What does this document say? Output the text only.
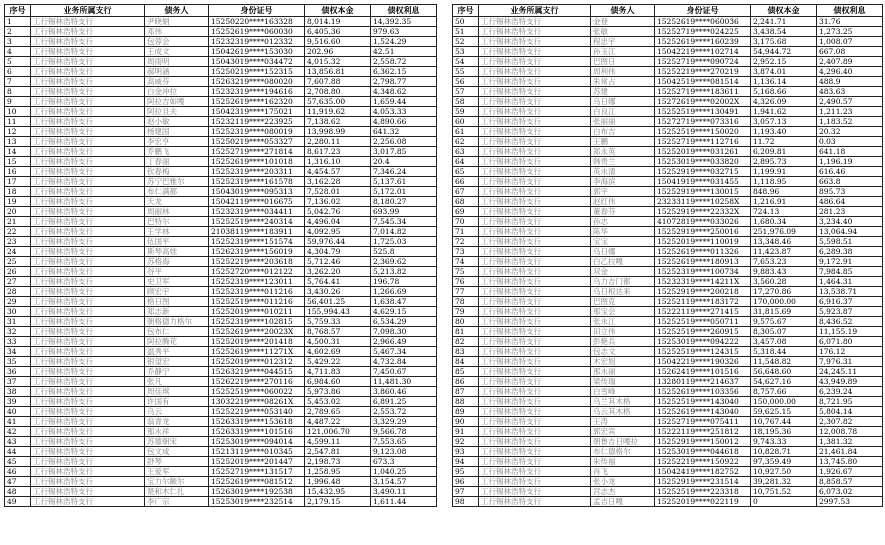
序号	业务所属支行	债务人	身份证号	债权本金	债权利息
1	工行锡林浩特支行	尹晓娟	15250220****163328	8,014.19	14,392.35
2	工行锡林浩特支行	邓伟	15252619****060030	6,405.36	979.63
3	工行锡林浩特支行	包蓉会	15232319****012332	9,516.60	1,524.29
4	工行锡林浩特支行	王成文	15042619****153030	202.96	42.51
5	工行锡林浩特支行	周雨明	15043019****034472	4,015.32	2,558.72
6	工行锡林浩特支行	郝明涵	15250219****152315	13,856.81	6,362.15
7	工行锡林浩特支行	高威芬	15263219****080020	7,607.88	2,798.77
8	工行锡林浩特支行	白金冲拉	15232319****194616	2,708.80	4,348.62
9	工行锡林浩特支行	阿拉吉如嘎	15252619****162320	57,635.00	1,659.44
10	工行锡林浩特支行	阿拉且夫	15042319****175021	11,919.62	4,053.33
11	工行锡林浩特支行	赵小敏	15232119****223925	7,138.62	4,890.66
12	工行锡林浩特支行	杨建国	15252319****080019	13,998.99	641.32
13	工行锡林浩特支行	李宏亨	15250219****053327	2,280.11	2,256.08
14	工行锡林浩特支行	乔鹏飞	15252719****271814	8,617.23	3,017.85
15	工行锡林浩特支行	丁春丽	15252619****101018	1,316.10	20.4
16	工行锡林浩特支行	钦春梅	15252319****203311	4,454.57	7,346.24
17	工行锡林浩特支行	苏宁巴雅尔	15252319****161578	3,162.28	5,137.61
18	工行锡林浩特支行	布仁满都	15043019****095313	7,528.01	5,172.01
19	工行锡林浩特支行	天龙	15042119****016675	7,136.02	8,180.27
20	工行锡林浩特支行	周丽林	15232319****034411	5,042.76	693.99
21	工行锡林浩特支行	巴特尔	15252519****240314	4,496.04	7,545.34
22	工行锡林浩特支行	王学林	21038119****183911	4,092.95	7,014.82
23	工行锡林浩特支行	伍国平	15252319****151574	59,976.44	1,725.03
24	工行锡林浩特支行	斯琴高娃	15262319****156019	4,304.79	525.8
25	工行锡林浩特支行	苏格海	15252219****203618	5,712.46	2,369.62
26	工行锡林浩特支行	谷平	15252720****012122	3,262.20	5,213.82
27	工行锡林浩特支行	史卫军	15252319****123011	5,764.41	196.78
28	工行锡林浩特支行	顾宏宇	15252319****011216	3,430.26	1,266.69
29	工行锡林浩特支行	格日图	15252519****011216	56,401.25	1,638.47
30	工行锡林浩特支行	郑志新	15252019****010211	155,994.43	4,629.15
31	工行锡林浩特支行	朝格德力格尔	15252319****102815	5,759.33	6,534.29
32	工行锡林浩特支行	包布仁	15252619****20023X	8,768.57	7,098.30
33	工行锡林浩特支行	阿拉腾花	15252019****201418	4,500.31	2,966.49
34	工行锡林浩特支行	温秀平	15252619****11271X	4,602.69	5,467.34
35	工行锡林浩特支行	银望宏	15252019****012312	5,429.22	4,732.84
36	工行锡林浩特支行	乔静宁	15263219****044515	4,711.83	7,450.67
37	工行锡林浩特支行	张凡	15262219****270116	6,984.60	11,481.30
38	工行锡林浩特支行	周佳琪	15252519****060022	5,973.86	3,860.46
39	工行锡林浩特支行	许国有	13032219****08261X	5,453.02	6,891.25
40	工行锡林浩特支行	乌云	15252219****053140	2,789.65	2,553.72
41	工行锡林浩特支行	翁青龙	15263319****153618	4,487.22	3,329.29
42	工行锡林浩特支行	那永祥	15263319****101516	121,006.70	9,566.78
43	工行锡林浩特支行	苏德朝宋	15253019****094014	4,599.11	7,553.65
44	工行锡林浩特支行	包文成	15213119****010345	2,547.81	9,123.08
45	工行锡林浩特支行	舒琴	15252019****201447	2,198.73	673.3
46	工行锡林浩特支行	王爱军	15252719****131517	1,258.95	1,040.25
47	工行锡林浩特支行	宝力尔额尔	15252619****081512	1,996.48	3,154.57
48	工行锡林浩特支行	楚和木仁扎	15263019****192538	15,432.95	3,490.11
49	工行锡林浩特支行	李广宗	15253019****232514	2,179.15	1,611.44
序号	业务所属支行	债务人	身份证号	债权本金	债权利息
50	工行锡林浩特支行	金登	15252619****060036	2,241.71	31.76
51	工行锡林浩特支行	张敏	15252719****024225	3,438.54	1,273.25
52	工行锡林浩特支行	程忠宇	15252619****160239	3,175.68	1,008.07
53	工行锡林浩特支行	孙玉江	15042219****102714	54,944.72	667.08
54	工行锡林浩特支行	巴图日	15252719****090724	2,952.15	2,407.89
55	工行锡林浩特支行	周利伟	15252219****270219	3,874.01	4,296.40
56	工行锡林浩特支行	朱常占	15042519****081514	1,136.14	488.9
57	工行锡林浩特支行	苏建	15252719****183611	5,168.66	483.63
58	工行锡林浩特支行	乌日娜	15272619****02002X	4,326.09	2,490.57
59	工行锡林浩特支行	白良江	15252519****130491	1,941.62	1,211.23
60	工行锡林浩特支行	张丽丽	15272719****073316	3,057.13	1,183.52
61	工行锡林浩特支行	白布吉	15252519****150020	1,193.40	20.32
62	工行锡林浩特支行	王鹏	15252719****112716	11.72	0.03
63	工行锡林浩特支行	郑永英	15252019****031261	6,209.81	641.18
64	工行锡林浩特支行	韩贵兰	15253019****033820	2,895.73	1,196.19
65	工行锡林浩特支行	英永清	15252919****032715	1,199.91	616.46
66	工行锡林浩特支行	李海滨	15041919****031455	1,118.95	663.8
67	工行锡林浩特支行	郭宇	15252919****130015	848.96	895.73
68	工行锡林浩特支行	赵红伟	23233119****10258X	1,216.91	486.64
69	工行锡林浩特支行	董春芬	15252919****22332X	724.13	281.23
70	工行锡林浩特支行	孙志	41072819****033026	1,680.34	3,234.40
71	工行锡林浩特支行	陈华	15252919****250016	251,976.09	13,064.94
72	工行锡林浩特支行	宝宝	15252019****110019	13,348.46	5,598.51
73	工行锡林浩特支行	乌日娜	15252619****011326	11,423.87	6,289.38
74	工行锡林浩特支行	白乙拉嘎	15252619****180913	7,653.23	9,172.91
75	工行锡林浩特支行	双金	15252319****100734	9,883.43	7,984.85
76	工行锡林浩特支行	乌力吉门都	15232319****14211X	3,560.28	1,464.31
77	工行锡林浩特支行	乌日根达来	15252919****200218	17,270.86	13,538.71
78	工行锡林浩特支行	巴图克	15252119****183172	170,000.00	6,916.37
79	工行锡林浩特支行	那宝会	15222119****271415	31,815.69	5,923.87
80	工行锡林浩特支行	张永江	15252519****050711	9,575.67	8,436.52
81	工行锡林浩特支行	田立伟	15252519****260915	8,305.07	11,155.19
82	工行锡林浩特支行	彭艳兵	15253019****094222	3,457.08	6,071.80
83	工行锡林浩特支行	包志文	15252519****124315	5,318.44	176.12
84	工行锡林浩特支行	木宏旭	15042219****190326	11,548.82	7,976.31
85	工行锡林浩特支行	那永丽	15262419****101516	56,648.60	24,245.11
86	工行锡林浩特支行	梁传瑞	13280119****214637	54,627.16	43,949.89
87	工行锡林浩特支行	白雪峰	15252619****103356	8,757.66	6,239.24
88	工行锡林浩特支行	乌兰其木格	15252519****143040	150,000.00	8,721.95
89	工行锡林浩特支行	乌云其木格	15252619****143040	59,625.15	5,804.14
90	工行锡林浩特支行	王涛	15252719****075411	10,767.44	2,307.82
91	工行锡林浩特支行	郭宏宾	15222119****251812	18,195.36	12,008.78
92	工行锡林浩特支行	朝鲁吉日嘎拉	15252919****150012	9,743.33	1,381.32
93	工行锡林浩特支行	布仁德格尔	15253019****044618	10,828.71	21,461.84
94	工行锡林浩特支行	朱传福	15252219****150922	97,359.49	13,745.80
95	工行锡林浩特支行	肖飞	15042419****182752	10,927.50	1,926.67
96	工行锡林浩特支行	张小龙	15252919****231514	39,281.32	8,858.57
97	工行锡林浩特支行	宫志杰	15252519****223318	10,751.52	6,073.02
98	工行锡林浩特支行	孟吉日嘎	15252019****022119	0	2997.53
